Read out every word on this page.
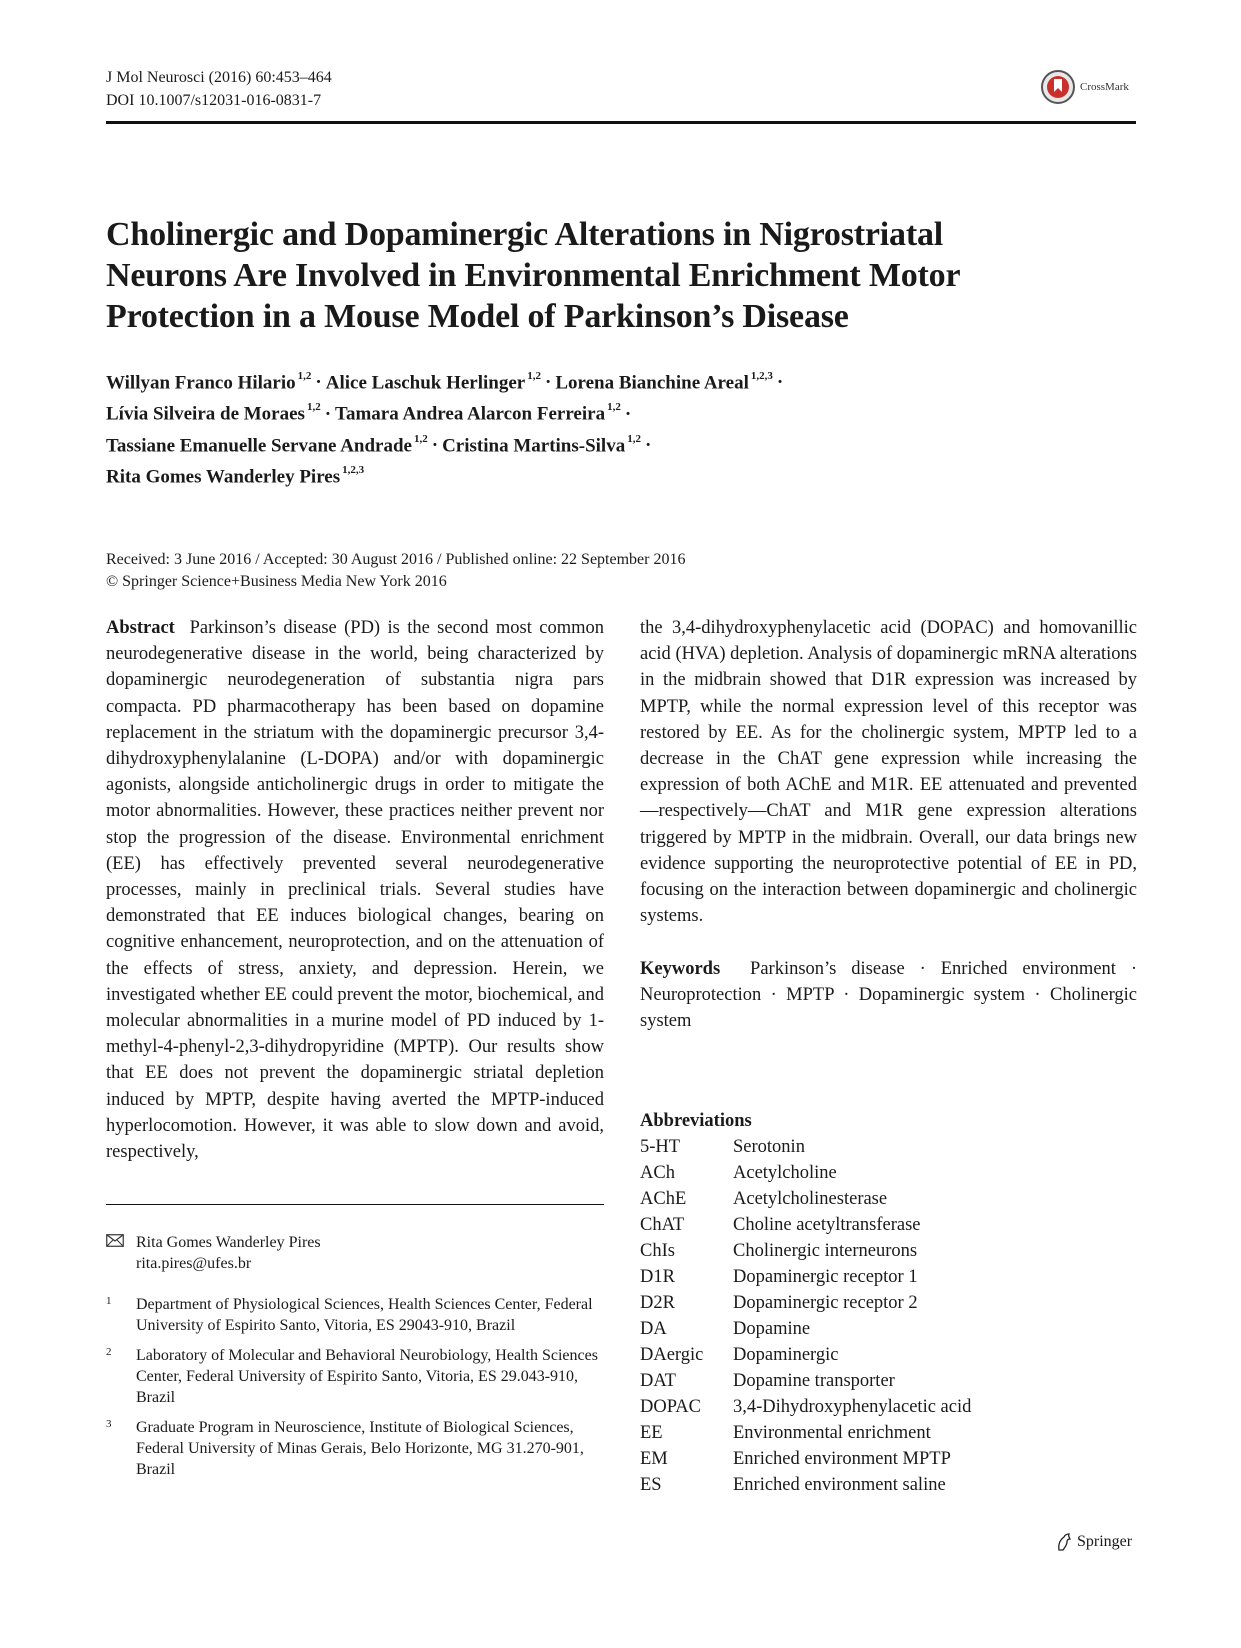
J Mol Neurosci (2016) 60:453–464
DOI 10.1007/s12031-016-0831-7
CrossMark
Cholinergic and Dopaminergic Alterations in Nigrostriatal
Neurons Are Involved in Environmental Enrichment Motor
Protection in a Mouse Model of Parkinson’s Disease
Willyan Franco Hilario $^{1,2}$ · Alice Laschuk Herlinger $^{1,2}$ · Lorena Bianchine Areal $^{1,2,3}$ ·
Lívia Silveira de Moraes $^{1,2}$ · Tamara Andrea Alarcon Ferreira $^{1,2}$ ·
Tassiane Emanuelle Servane Andrade $^{1,2}$ · Cristina Martins-Silva $^{1,2}$ ·
Rita Gomes Wanderley Pires $^{1,2,3}$
Received: 3 June 2016 / Accepted: 30 August 2016 / Published online: 22 September 2016
© Springer Science+Business Media New York 2016
Abstract Parkinson’s disease (PD) is the second most common neurodegenerative disease in the world, being characterized by dopaminergic neurodegeneration of substantia nigra pars compacta. PD pharmacotherapy has been based on dopamine replacement in the striatum with the dopaminergic precursor 3,4-dihydroxyphenylalanine (L-DOPA) and/or with dopaminergic agonists, alongside anticholinergic drugs in order to mitigate the motor abnormalities. However, these practices neither prevent nor stop the progression of the disease. Environmental enrichment (EE) has effectively prevented several neurodegenerative processes, mainly in preclinical trials. Several studies have demonstrated that EE induces biological changes, bearing on cognitive enhancement, neuroprotection, and on the attenuation of the effects of stress, anxiety, and depression. Herein, we investigated whether EE could prevent the motor, biochemical, and molecular abnormalities in a murine model of PD induced by 1-methyl-4-phenyl-2,3-dihydropyridine (MPTP). Our results show that EE does not prevent the dopaminergic striatal depletion induced by MPTP, despite having averted the MPTP-induced hyperlocomotion. However, it was able to slow down and avoid, respectively,
the 3,4-dihydroxyphenylacetic acid (DOPAC) and homovanillic acid (HVA) depletion. Analysis of dopaminergic mRNA alterations in the midbrain showed that D1R expression was increased by MPTP, while the normal expression level of this receptor was restored by EE. As for the cholinergic system, MPTP led to a decrease in the ChAT gene expression while increasing the expression of both AChE and M1R. EE attenuated and prevented—respectively—ChAT and M1R gene expression alterations triggered by MPTP in the midbrain. Overall, our data brings new evidence supporting the neuroprotective potential of EE in PD, focusing on the interaction between dopaminergic and cholinergic systems.
Keywords Parkinson’s disease · Enriched environment · Neuroprotection · MPTP · Dopaminergic system · Cholinergic system

Rita Gomes Wanderley Pires
rita.pires@ufes.br
1	Department of Physiological Sciences, Health Sciences Center, Federal University of Espirito Santo, Vitoria, ES 29043-910, Brazil
2	Laboratory of Molecular and Behavioral Neurobiology, Health Sciences Center, Federal University of Espirito Santo, Vitoria, ES 29.043-910, Brazil
3	Graduate Program in Neuroscience, Institute of Biological Sciences, Federal University of Minas Gerais, Belo Horizonte, MG 31.270-901, Brazil
Abbreviations
5-HT	Serotonin
ACh	Acetylcholine
AChE	Acetylcholinesterase
ChAT	Choline acetyltransferase
ChIs	Cholinergic interneurons
D1R	Dopaminergic receptor 1
D2R	Dopaminergic receptor 2
DA	Dopamine
DAergic	Dopaminergic
DAT	Dopamine transporter
DOPAC	3,4-Dihydroxyphenylacetic acid
EE	Environmental enrichment
EM	Enriched environment MPTP
ES	Enriched environment saline
Springer
